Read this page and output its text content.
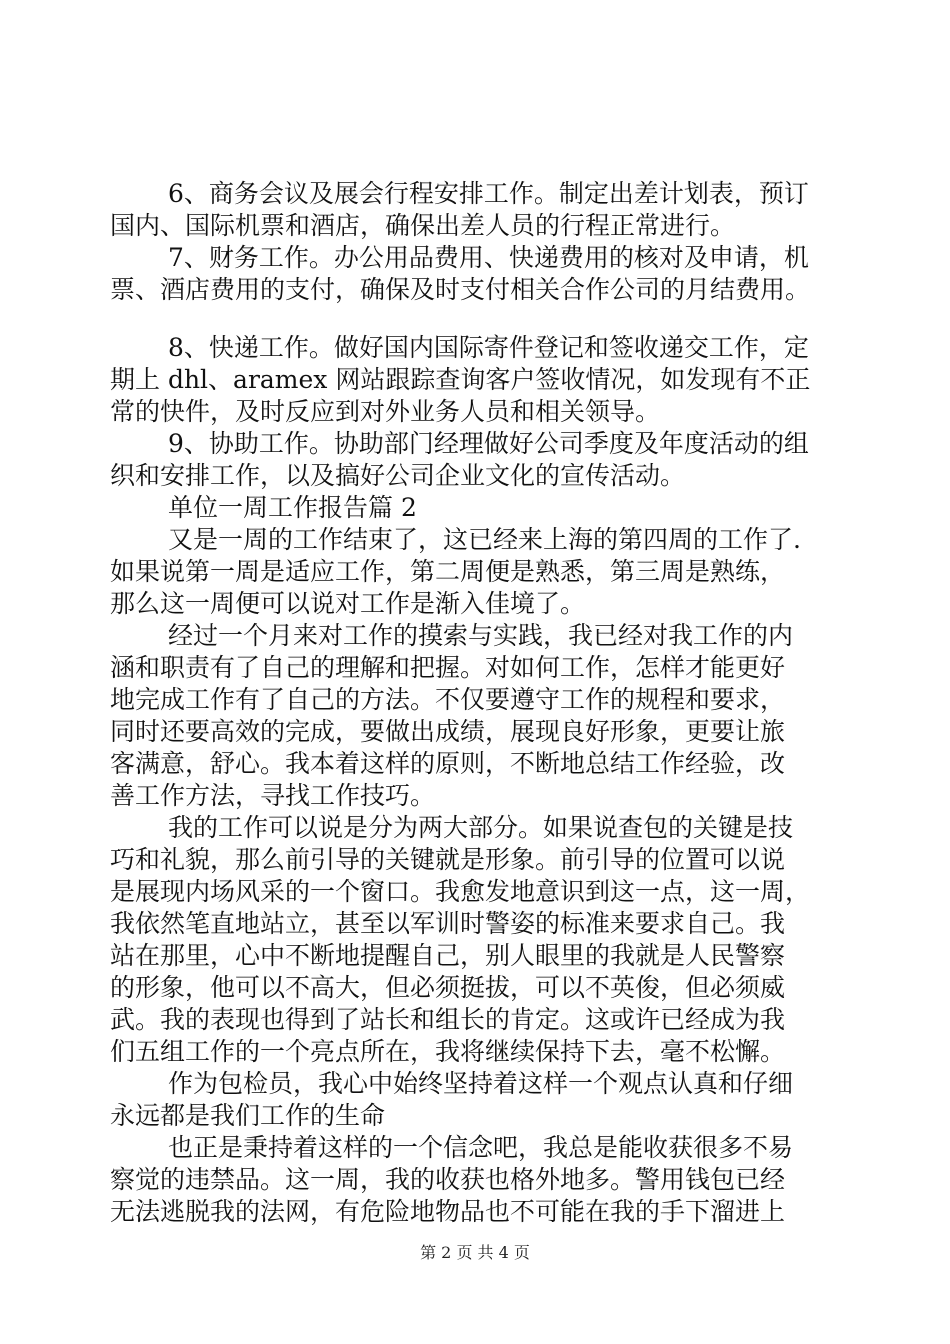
6、商务会议及展会行程安排工作。制定出差计划表，预订
国内、国际机票和酒店，确保出差人员的行程正常进行。
7、财务工作。办公用品费用、快递费用的核对及申请，机
票、酒店费用的支付，确保及时支付相关合作公司的月结费用。
8、快递工作。做好国内国际寄件登记和签收递交工作，定
期上 dhl、aramex 网站跟踪查询客户签收情况，如发现有不正
常的快件，及时反应到对外业务人员和相关领导。
9、协助工作。协助部门经理做好公司季度及年度活动的组
织和安排工作，以及搞好公司企业文化的宣传活动。
单位一周工作报告篇 2
又是一周的工作结束了，这已经来上海的第四周的工作了.
如果说第一周是适应工作，第二周便是熟悉，第三周是熟练，
那么这一周便可以说对工作是渐入佳境了。
经过一个月来对工作的摸索与实践，我已经对我工作的内
涵和职责有了自己的理解和把握。对如何工作，怎样才能更好
地完成工作有了自己的方法。不仅要遵守工作的规程和要求，
同时还要高效的完成，要做出成绩，展现良好形象，更要让旅
客满意，舒心。我本着这样的原则，不断地总结工作经验，改
善工作方法，寻找工作技巧。
我的工作可以说是分为两大部分。如果说查包的关键是技
巧和礼貌，那么前引导的关键就是形象。前引导的位置可以说
是展现内场风采的一个窗口。我愈发地意识到这一点，这一周，
我依然笔直地站立，甚至以军训时警姿的标准来要求自己。我
站在那里，心中不断地提醒自己，别人眼里的我就是人民警察
的形象，他可以不高大，但必须挺拔，可以不英俊，但必须威
武。我的表现也得到了站长和组长的肯定。这或许已经成为我
们五组工作的一个亮点所在，我将继续保持下去，毫不松懈。
作为包检员，我心中始终坚持着这样一个观点认真和仔细
永远都是我们工作的生命
也正是秉持着这样的一个信念吧，我总是能收获很多不易
察觉的违禁品。这一周，我的收获也格外地多。警用钱包已经
无法逃脱我的法网，有危险地物品也不可能在我的手下溜进上
第 2 页 共 4 页
